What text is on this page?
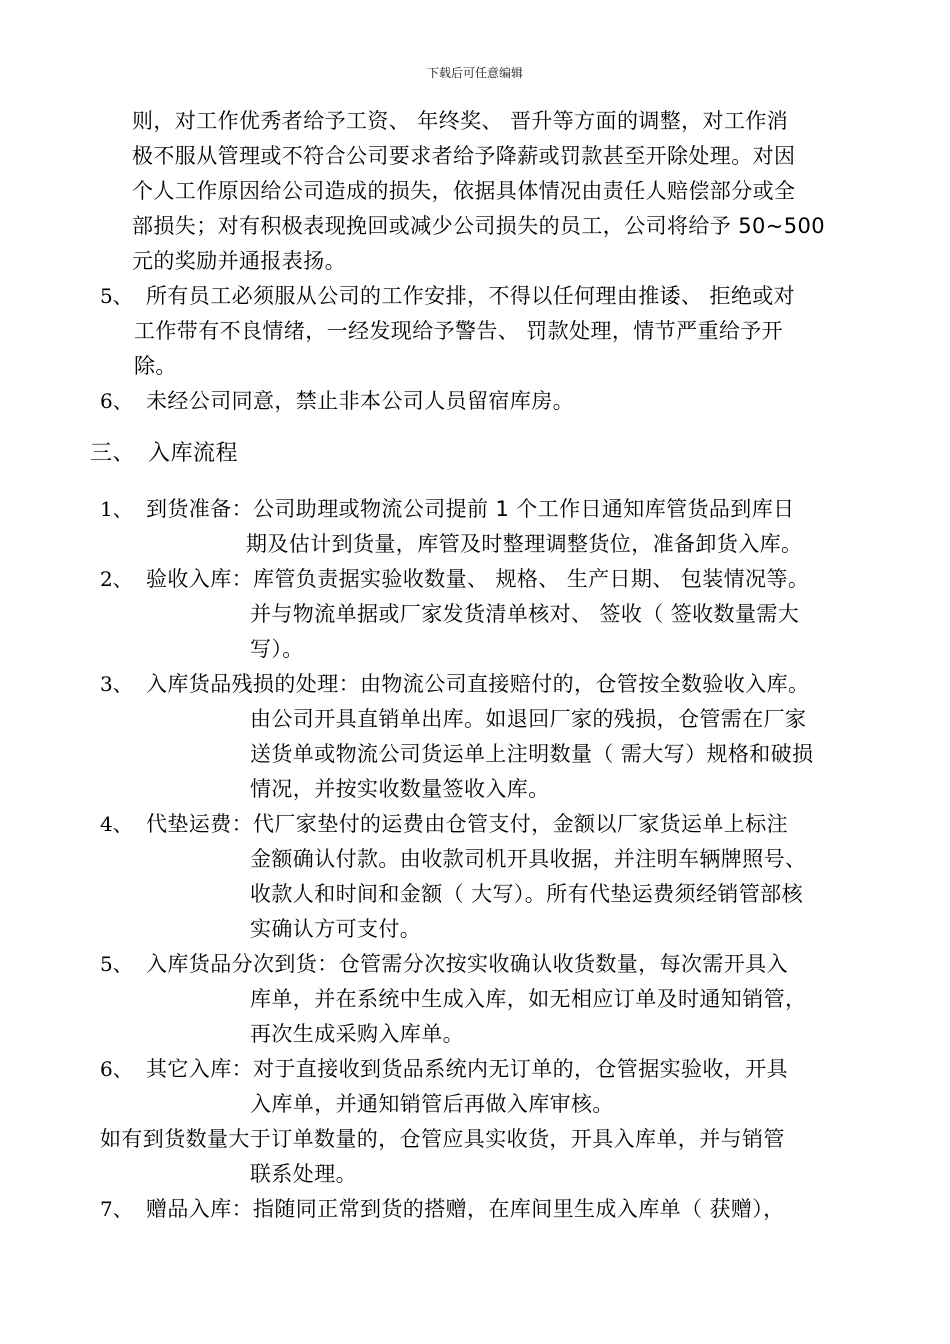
下载后可任意编辑
则，对工作优秀者给予工资、 年终奖、 晋升等方面的调整，对工作消
极不服从管理或不符合公司要求者给予降薪或罚款甚至开除处理。对因
个人工作原因给公司造成的损失，依据具体情况由责任人赔偿部分或全
部损失；对有积极表现挽回或减少公司损失的员工，公司将给予 50~500
元的奖励并通报表扬。
5、 所有员工必须服从公司的工作安排，不得以任何理由推诿、 拒绝或对
工作带有不良情绪，一经发现给予警告、 罚款处理，情节严重给予开
除。
6、 未经公司同意，禁止非本公司人员留宿库房。
三、 入库流程
1、 到货准备：公司助理或物流公司提前 1 个工作日通知库管货品到库日
期及估计到货量，库管及时整理调整货位，准备卸货入库。
2、 验收入库：库管负责据实验收数量、 规格、 生产日期、 包装情况等。
并与物流单据或厂家发货清单核对、 签收（ 签收数量需大
写）。
3、 入库货品残损的处理：由物流公司直接赔付的，仓管按全数验收入库。
由公司开具直销单出库。如退回厂家的残损，仓管需在厂家
送货单或物流公司货运单上注明数量（ 需大写）规格和破损
情况，并按实收数量签收入库。
4、 代垫运费：代厂家垫付的运费由仓管支付，金额以厂家货运单上标注
金额确认付款。由收款司机开具收据，并注明车辆牌照号、
收款人和时间和金额（ 大写）。所有代垫运费须经销管部核
实确认方可支付。
5、 入库货品分次到货：仓管需分次按实收确认收货数量，每次需开具入
库单，并在系统中生成入库，如无相应订单及时通知销管，
再次生成采购入库单。
6、 其它入库：对于直接收到货品系统内无订单的，仓管据实验收，开具
入库单，并通知销管后再做入库审核。
如有到货数量大于订单数量的，仓管应具实收货，开具入库单，并与销管
联系处理。
7、 赠品入库：指随同正常到货的搭赠，在库间里生成入库单（ 获赠），
